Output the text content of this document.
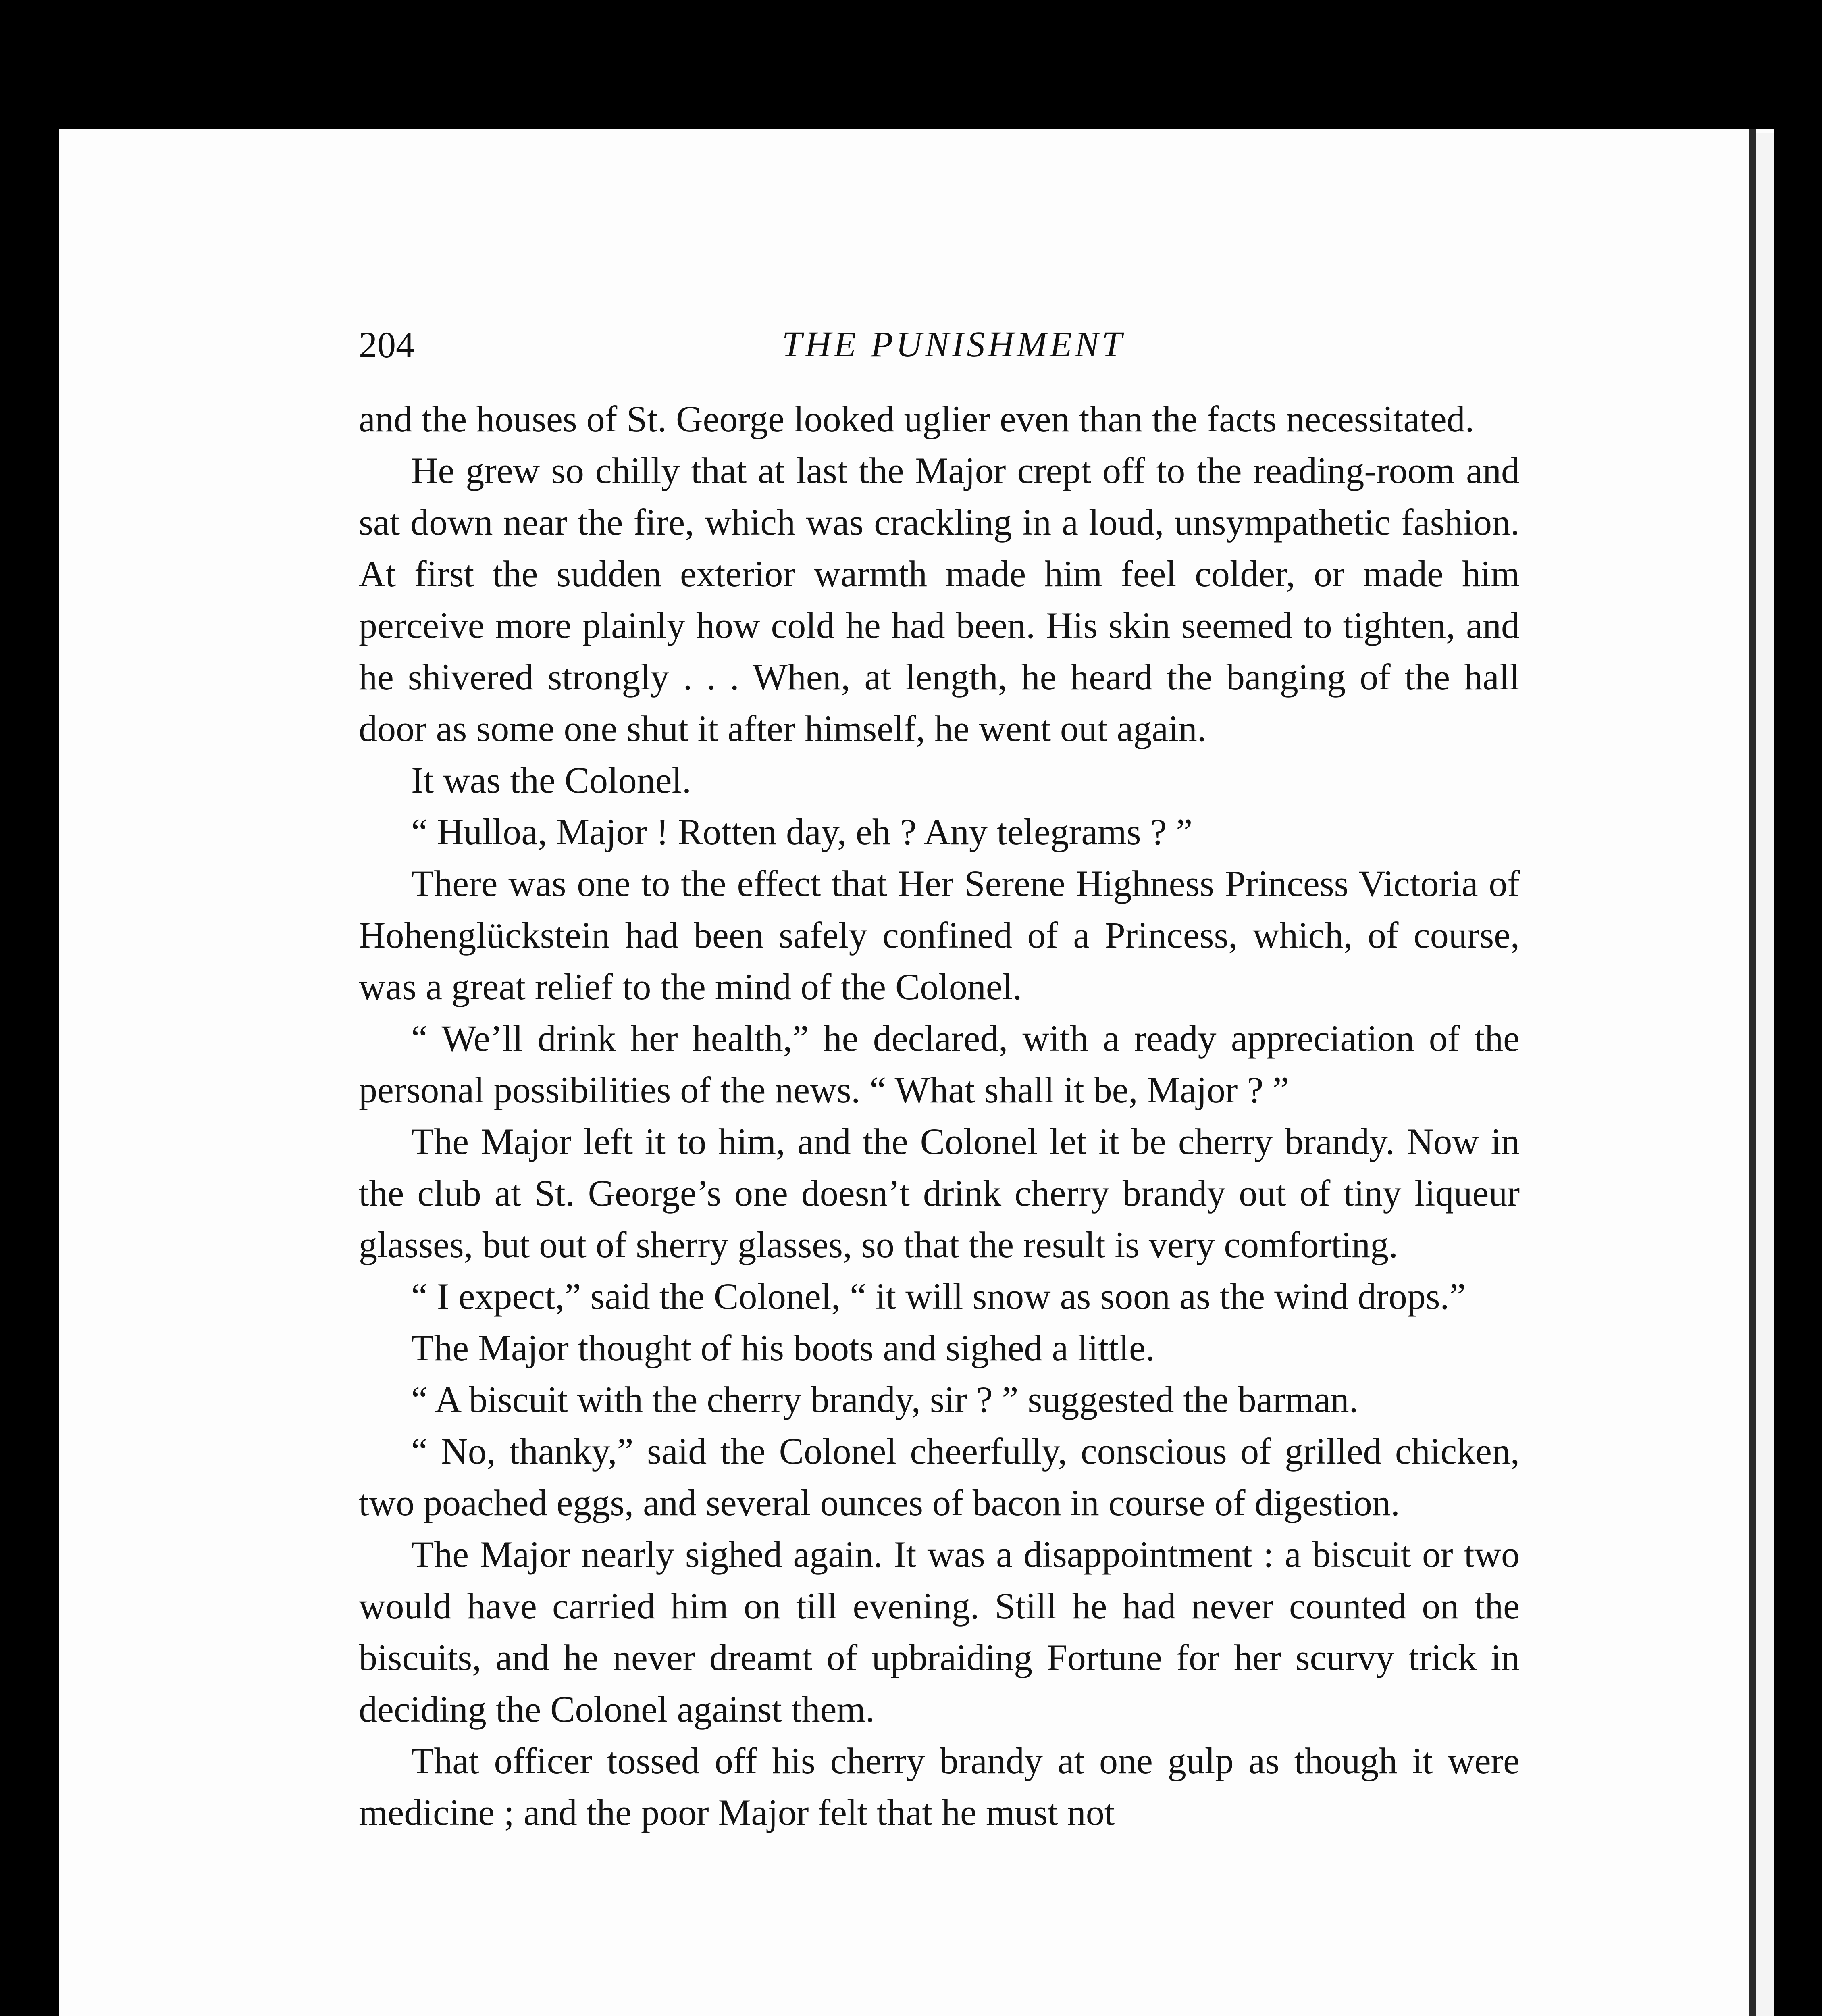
204	THE PUNISHMENT

and the houses of St. George looked uglier even than the facts necessitated.

He grew so chilly that at last the Major crept off to the reading-room and sat down near the fire, which was crackling in a loud, unsympathetic fashion. At first the sudden exterior warmth made him feel colder, or made him perceive more plainly how cold he had been. His skin seemed to tighten, and he shivered strongly . . . When, at length, he heard the banging of the hall door as some one shut it after himself, he went out again.

It was the Colonel.

“ Hulloa, Major ! Rotten day, eh ? Any telegrams ? ”

There was one to the effect that Her Serene Highness Princess Victoria of Hohenglückstein had been safely confined of a Princess, which, of course, was a great relief to the mind of the Colonel.

“ We’ll drink her health,” he declared, with a ready appreciation of the personal possibilities of the news. “ What shall it be, Major ? ”

The Major left it to him, and the Colonel let it be cherry brandy. Now in the club at St. George’s one doesn’t drink cherry brandy out of tiny liqueur glasses, but out of sherry glasses, so that the result is very comforting.

“ I expect,” said the Colonel, “ it will snow as soon as the wind drops.”

The Major thought of his boots and sighed a little.

“ A biscuit with the cherry brandy, sir ? ” suggested the barman.

“ No, thanky,” said the Colonel cheerfully, conscious of grilled chicken, two poached eggs, and several ounces of bacon in course of digestion.

The Major nearly sighed again. It was a disappointment : a biscuit or two would have carried him on till evening. Still he had never counted on the biscuits, and he never dreamt of upbraiding Fortune for her scurvy trick in deciding the Colonel against them.

That officer tossed off his cherry brandy at one gulp as though it were medicine ; and the poor Major felt that he must not
